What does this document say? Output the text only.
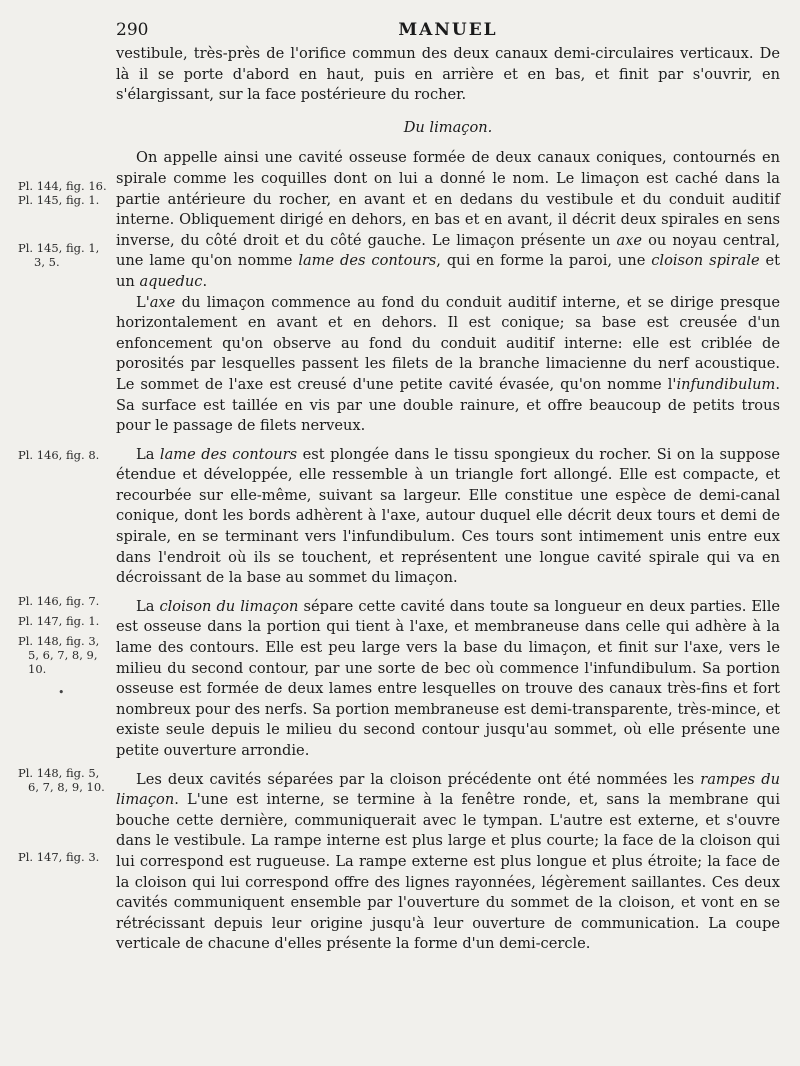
290	MANUEL
Pl. 144, fig. 16.
Pl. 145, fig. 1.
Pl. 145, fig. 1,
3, 5.
Pl. 146, fig. 8.
Pl. 146, fig. 7.
Pl. 147, fig. 1.
Pl. 148, fig. 3,
5, 6, 7, 8, 9,
10.
•
Pl. 148, fig. 5,
6, 7, 8, 9, 10.
Pl. 147, fig. 3.

vestibule, très-près de l'orifice commun des deux canaux demi-circulaires verticaux. De là il se porte d'abord en haut, puis en arrière et en bas, et finit par s'ouvrir, en s'élargissant, sur la face postérieure du rocher.

Du limaçon.

On appelle ainsi une cavité osseuse formée de deux canaux coniques, contournés en spirale comme les coquilles dont on lui a donné le nom. Le limaçon est caché dans la partie antérieure du rocher, en avant et en dedans du vestibule et du conduit auditif interne. Obliquement dirigé en dehors, en bas et en avant, il décrit deux spirales en sens inverse, du côté droit et du côté gauche. Le limaçon présente un axe ou noyau central, une lame qu'on nomme lame des contours, qui en forme la paroi, une cloison spirale et un aqueduc.

L'axe du limaçon commence au fond du conduit auditif interne, et se dirige presque horizontalement en avant et en dehors. Il est conique; sa base est creusée d'un enfoncement qu'on observe au fond du conduit auditif interne: elle est criblée de porosités par lesquelles passent les filets de la branche limacienne du nerf acoustique. Le sommet de l'axe est creusé d'une petite cavité évasée, qu'on nomme l'infundibulum. Sa surface est taillée en vis par une double rainure, et offre beaucoup de petits trous pour le passage de filets nerveux.

La lame des contours est plongée dans le tissu spongieux du rocher. Si on la suppose étendue et développée, elle ressemble à un triangle fort allongé. Elle est compacte, et recourbée sur elle-même, suivant sa largeur. Elle constitue une espèce de demi-canal conique, dont les bords adhèrent à l'axe, autour duquel elle décrit deux tours et demi de spirale, en se terminant vers l'infundibulum. Ces tours sont intimement unis entre eux dans l'endroit où ils se touchent, et représentent une longue cavité spirale qui va en décroissant de la base au sommet du limaçon.

La cloison du limaçon sépare cette cavité dans toute sa longueur en deux parties. Elle est osseuse dans la portion qui tient à l'axe, et membraneuse dans celle qui adhère à la lame des contours. Elle est peu large vers la base du limaçon, et finit sur l'axe, vers le milieu du second contour, par une sorte de bec où commence l'infundibulum. Sa portion osseuse est formée de deux lames entre lesquelles on trouve des canaux très-fins et fort nombreux pour des nerfs. Sa portion membraneuse est demi-transparente, très-mince, et existe seule depuis le milieu du second contour jusqu'au sommet, où elle présente une petite ouverture arrondie.

Les deux cavités séparées par la cloison précédente ont été nommées les rampes du limaçon. L'une est interne, se termine à la fenêtre ronde, et, sans la membrane qui bouche cette dernière, communiquerait avec le tympan. L'autre est externe, et s'ouvre dans le vestibule. La rampe interne est plus large et plus courte; la face de la cloison qui lui correspond est rugueuse. La rampe externe est plus longue et plus étroite; la face de la cloison qui lui correspond offre des lignes rayonnées, légèrement saillantes. Ces deux cavités communiquent ensemble par l'ouverture du sommet de la cloison, et vont en se rétrécissant depuis leur origine jusqu'à leur ouverture de communication. La coupe verticale de chacune d'elles présente la forme d'un demi-cercle.
